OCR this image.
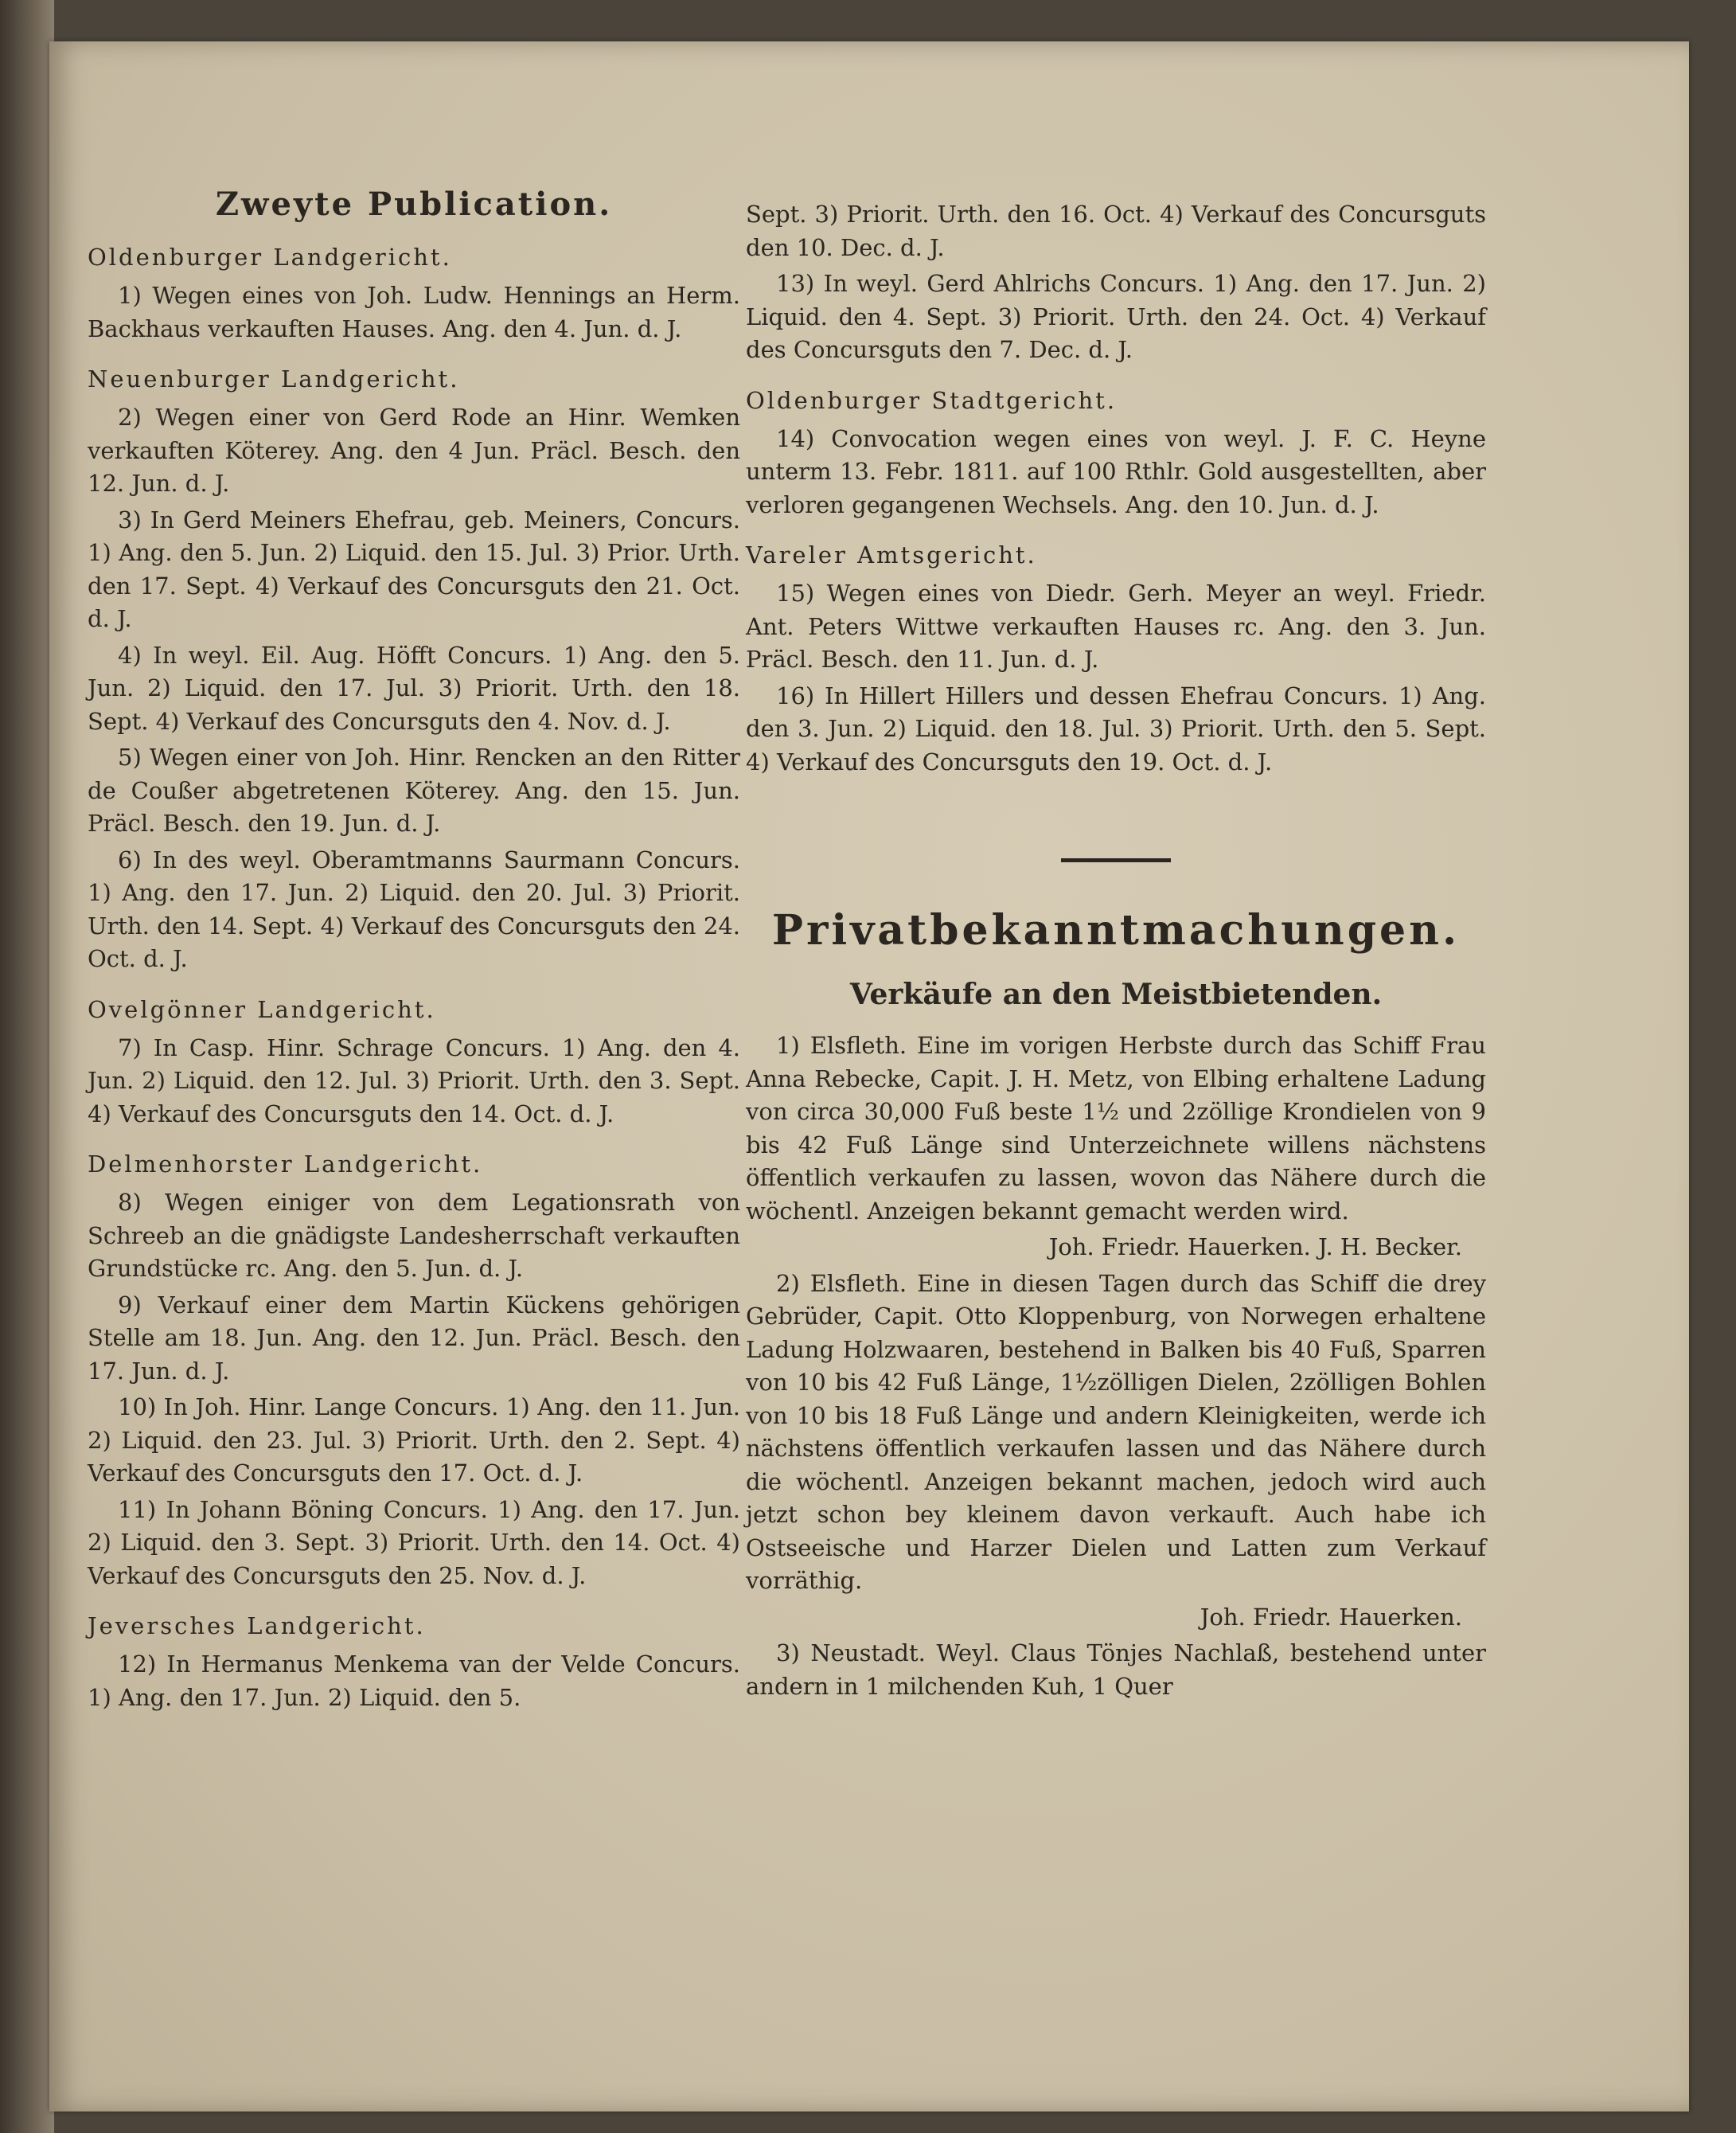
Zweyte Publication.
Oldenburger Landgericht.

1) Wegen eines von Joh. Ludw. Hennings an Herm. Backhaus verkauften Hauses. Ang. den 4. Jun. d. J.

Neuenburger Landgericht.

2) Wegen einer von Gerd Rode an Hinr. Wemken verkauften Köterey. Ang. den 4 Jun. Präcl. Besch. den 12. Jun. d. J.

3) In Gerd Meiners Ehefrau, geb. Meiners, Concurs. 1) Ang. den 5. Jun. 2) Liquid. den 15. Jul. 3) Prior. Urth. den 17. Sept. 4) Verkauf des Concursguts den 21. Oct. d. J.

4) In weyl. Eil. Aug. Höfft Concurs. 1) Ang. den 5. Jun. 2) Liquid. den 17. Jul. 3) Priorit. Urth. den 18. Sept. 4) Verkauf des Concursguts den 4. Nov. d. J.

5) Wegen einer von Joh. Hinr. Rencken an den Ritter de Coußer abgetretenen Köterey. Ang. den 15. Jun. Präcl. Besch. den 19. Jun. d. J.

6) In des weyl. Oberamtmanns Saurmann Concurs. 1) Ang. den 17. Jun. 2) Liquid. den 20. Jul. 3) Priorit. Urth. den 14. Sept. 4) Verkauf des Concursguts den 24. Oct. d. J.

Ovelgönner Landgericht.

7) In Casp. Hinr. Schrage Concurs. 1) Ang. den 4. Jun. 2) Liquid. den 12. Jul. 3) Priorit. Urth. den 3. Sept. 4) Verkauf des Concursguts den 14. Oct. d. J.

Delmenhorster Landgericht.

8) Wegen einiger von dem Legationsrath von Schreeb an die gnädigste Landesherrschaft verkauften Grundstücke rc. Ang. den 5. Jun. d. J.

9) Verkauf einer dem Martin Kückens gehörigen Stelle am 18. Jun. Ang. den 12. Jun. Präcl. Besch. den 17. Jun. d. J.

10) In Joh. Hinr. Lange Concurs. 1) Ang. den 11. Jun. 2) Liquid. den 23. Jul. 3) Priorit. Urth. den 2. Sept. 4) Verkauf des Concursguts den 17. Oct. d. J.

11) In Johann Böning Concurs. 1) Ang. den 17. Jun. 2) Liquid. den 3. Sept. 3) Priorit. Urth. den 14. Oct. 4) Verkauf des Concursguts den 25. Nov. d. J.

Jeversches Landgericht.

12) In Hermanus Menkema van der Velde Concurs. 1) Ang. den 17. Jun. 2) Liquid. den 5.

Sept. 3) Priorit. Urth. den 16. Oct. 4) Verkauf des Concursguts den 10. Dec. d. J.

13) In weyl. Gerd Ahlrichs Concurs. 1) Ang. den 17. Jun. 2) Liquid. den 4. Sept. 3) Priorit. Urth. den 24. Oct. 4) Verkauf des Concursguts den 7. Dec. d. J.

Oldenburger Stadtgericht.

14) Convocation wegen eines von weyl. J. F. C. Heyne unterm 13. Febr. 1811. auf 100 Rthlr. Gold ausgestellten, aber verloren gegangenen Wechsels. Ang. den 10. Jun. d. J.

Vareler Amtsgericht.

15) Wegen eines von Diedr. Gerh. Meyer an weyl. Friedr. Ant. Peters Wittwe verkauften Hauses rc. Ang. den 3. Jun. Präcl. Besch. den 11. Jun. d. J.

16) In Hillert Hillers und dessen Ehefrau Concurs. 1) Ang. den 3. Jun. 2) Liquid. den 18. Jul. 3) Priorit. Urth. den 5. Sept. 4) Verkauf des Concursguts den 19. Oct. d. J.

Privatbekanntmachungen.
Verkäufe an den Meistbietenden.

1) Elsfleth. Eine im vorigen Herbste durch das Schiff Frau Anna Rebecke, Capit. J. H. Metz, von Elbing erhaltene Ladung von circa 30,000 Fuß beste 1½ und 2zöllige Krondielen von 9 bis 42 Fuß Länge sind Unterzeichnete willens nächstens öffentlich verkaufen zu lassen, wovon das Nähere durch die wöchentl. Anzeigen bekannt gemacht werden wird.

Joh. Friedr. Hauerken. J. H. Becker.

2) Elsfleth. Eine in diesen Tagen durch das Schiff die drey Gebrüder, Capit. Otto Kloppenburg, von Norwegen erhaltene Ladung Holzwaaren, bestehend in Balken bis 40 Fuß, Sparren von 10 bis 42 Fuß Länge, 1½zölligen Dielen, 2zölligen Bohlen von 10 bis 18 Fuß Länge und andern Kleinigkeiten, werde ich nächstens öffentlich verkaufen lassen und das Nähere durch die wöchentl. Anzeigen bekannt machen, jedoch wird auch jetzt schon bey kleinem davon verkauft. Auch habe ich Ostseeische und Harzer Dielen und Latten zum Verkauf vorräthig.

Joh. Friedr. Hauerken.

3) Neustadt. Weyl. Claus Tönjes Nachlaß, bestehend unter andern in 1 milchenden Kuh, 1 Quer
